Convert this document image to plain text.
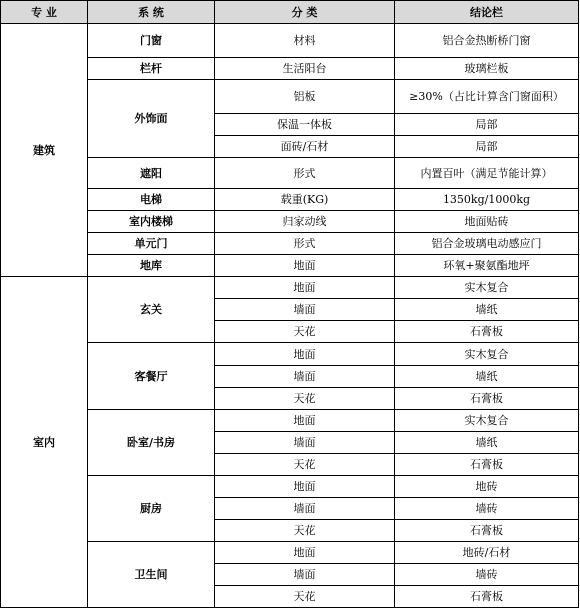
专 业	系 统	分 类	结论栏
建筑	门窗	材料	铝合金热断桥门窗
	栏杆	生活阳台	玻璃栏板
	外饰面	铝板	≥30%（占比计算含门窗面积）
		保温一体板	局部
		面砖/石材	局部
	遮阳	形式	内置百叶（满足节能计算）
	电梯	载重(KG)	1350kg/1000kg
	室内楼梯	归家动线	地面贴砖
	单元门	形式	铝合金玻璃电动感应门
	地库	地面	环氧+聚氨酯地坪
室内	玄关	地面	实木复合
		墙面	墙纸
		天花	石膏板
	客餐厅	地面	实木复合
		墙面	墙纸
		天花	石膏板
	卧室/书房	地面	实木复合
		墙面	墙纸
		天花	石膏板
	厨房	地面	地砖
		墙面	墙砖
		天花	石膏板
	卫生间	地面	地砖/石材
		墙面	墙砖
		天花	石膏板
